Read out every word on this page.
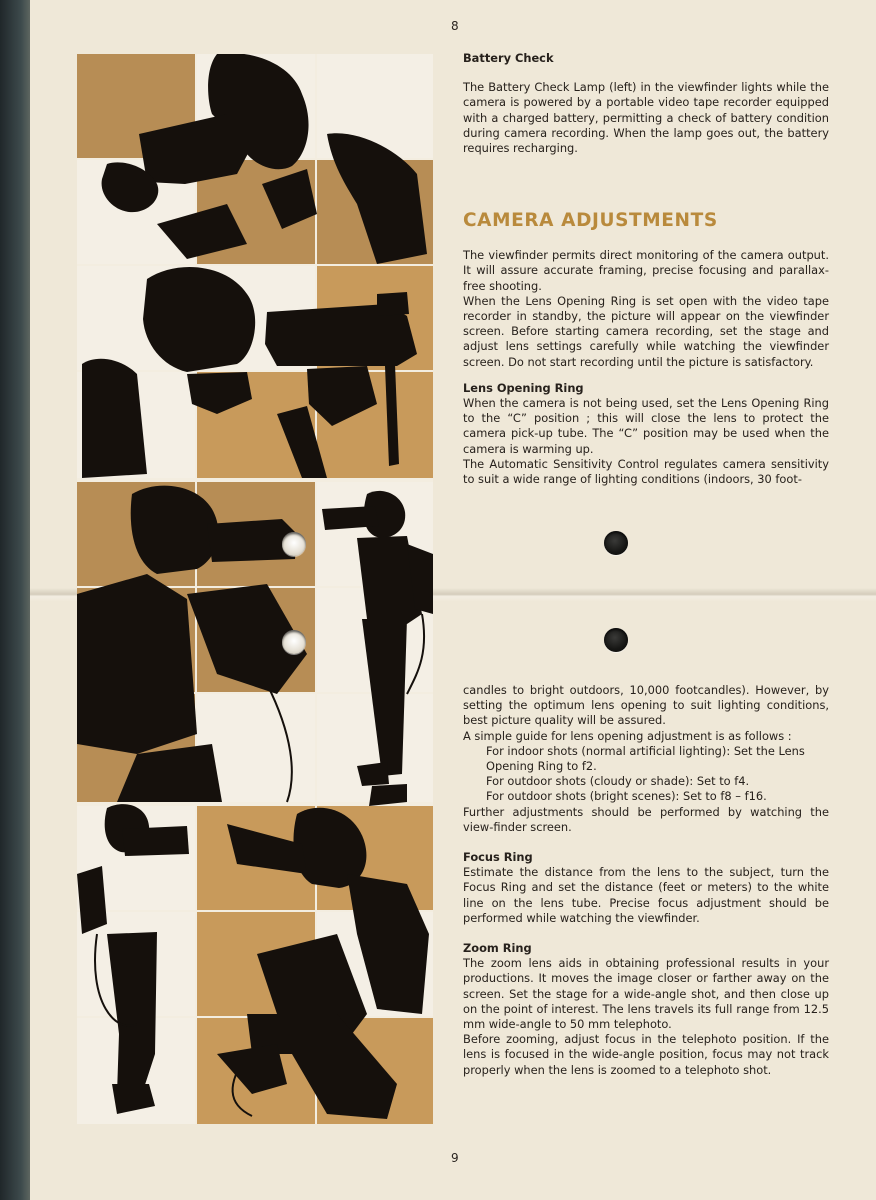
8
9
Battery Check

The Battery Check Lamp (left) in the viewfinder lights while the camera is powered by a portable video tape recorder equipped with a charged battery, permitting a check of battery condition during camera recording. When the lamp goes out, the battery requires recharging.

CAMERA ADJUSTMENTS

The viewfinder permits direct monitoring of the camera output. It will assure accurate framing, precise focusing and parallax-free shooting.

When the Lens Opening Ring is set open with the video tape recorder in standby, the picture will appear on the viewfinder screen. Before starting camera recording, set the stage and adjust lens settings carefully while watching the viewfinder screen. Do not start recording until the picture is satisfactory.

Lens Opening Ring

When the camera is not being used, set the Lens Opening Ring to the “C” position ; this will close the lens to protect the camera pick-up tube. The “C” position may be used when the camera is warming up.

The Automatic Sensitivity Control regulates camera sensitivity to suit a wide range of lighting conditions (indoors, 30 foot-

candles to bright outdoors, 10,000 footcandles). However, by setting the optimum lens opening to suit lighting conditions, best picture quality will be assured.

A simple guide for lens opening adjustment is as follows :

For indoor shots (normal artificial lighting): Set the Lens Opening Ring to f2.
For outdoor shots (cloudy or shade): Set to f4.
For outdoor shots (bright scenes): Set to f8 – f16.

Further adjustments should be performed by watching the view-finder screen.

Focus Ring

Estimate the distance from the lens to the subject, turn the Focus Ring and set the distance (feet or meters) to the white line on the lens tube. Precise focus adjustment should be performed while watching the viewfinder.

Zoom Ring

The zoom lens aids in obtaining professional results in your productions. It moves the image closer or farther away on the screen. Set the stage for a wide-angle shot, and then close up on the point of interest. The lens travels its full range from 12.5 mm wide-angle to 50 mm telephoto.

Before zooming, adjust focus in the telephoto position. If the lens is focused in the wide-angle position, focus may not track properly when the lens is zoomed to a telephoto shot.
